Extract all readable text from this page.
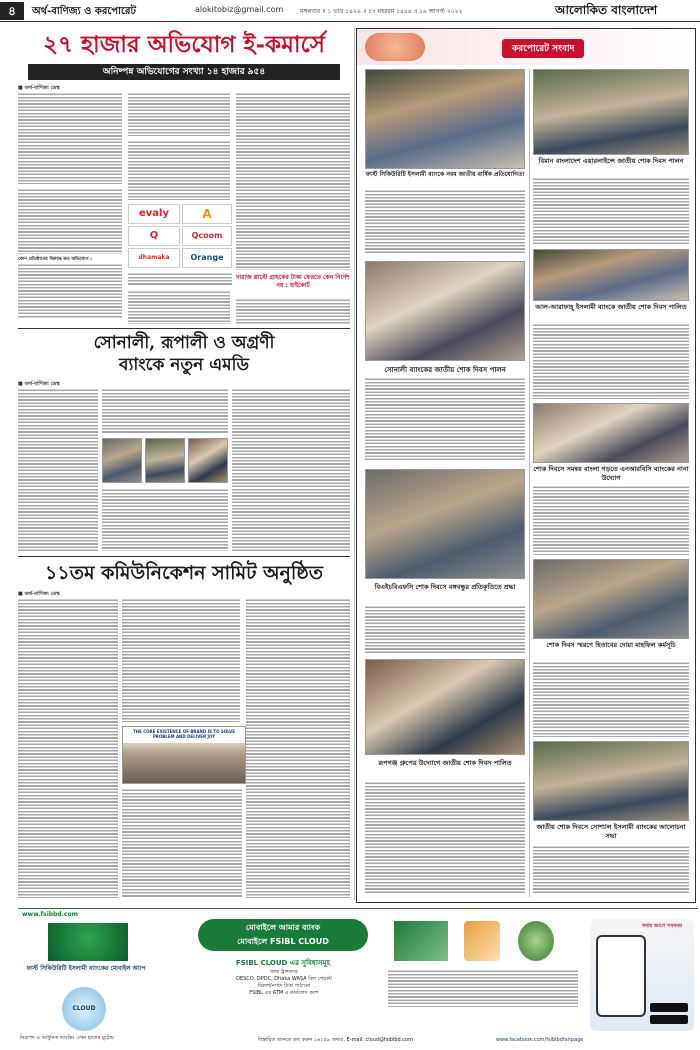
৪	অর্থ-বাণিজ্য ও করপোরেট	alokitobiz@gmail.com	মঙ্গলবার ॥ ১ ভাদ্র ১৪২৯ ॥ ১৭ মহররম ১৪৪৪ ॥ ১৬ আগস্ট ২০২২	আলোকিত বাংলাদেশ
২৭ হাজার অভিযোগ ই-কমার্সে
অনিষ্পন্ন অভিযোগের সংখ্যা ১৪ হাজার ৯৫৪
■ অর্থ-বাণিজ্য ডেস্ক
কোন প্রতিষ্ঠানের বিরুদ্ধে কত অভিযোগ :
evaly	A
Q	Qcoom
dhamaka	Orange
দারাজ প্লাস্টে গ্রাহকের টাকা ফেরতে কেন নির্দেশ নয় : হাইকোর্ট
সোনালী, রূপালী ও অগ্রণী
ব্যাংকে নতুন এমডি
■ অর্থ-বাণিজ্য ডেস্ক
১১তম কমিউনিকেশন সামিট অনুষ্ঠিত
■ অর্থ-বাণিজ্য ডেস্ক
THE CORE EXISTENCE OF BRAND IS TO SOLVE PROBLEM AND DELIVER JOY
করপোরেট সংবাদ
ফার্স্ট সিকিউরিটি ইসলামী ব্যাংকে নবম জাতীয় বার্ষিক প্রতিযোগিতা
সোনালী ব্যাংকের জাতীয় শোক দিবস পালন
বিএইচবিএফসি শোক দিবসে বঙ্গবন্ধুর প্রতিকৃতিতে শ্রদ্ধা
রূপগঞ্জ গ্রুপের উদ্যোগে জাতীয় শোক দিবস পালিত
বিমান বাংলাদেশ এয়ারলাইন্সে জাতীয় শোক দিবস পালন
আল-আরাফাহ্ ইসলামী ব্যাংকে জাতীয় শোক দিবস পালিত
শোক দিবসে সমন্বয় বাংলা গড়তে এনআরবিসি ব্যাংকের নানা উদ্যোগ
শোক দিবস স্মরণে হিতাবের দোয়া মাহফিল কর্মসূচি
জাতীয় শোক দিবসে সোশ্যাল ইসলামী ব্যাংকের আলোচনা সভা
www.fsibbd.com
ফার্স্ট সিকিউরিটি ইসলামী ব্যাংকের মোবাইল অ্যাপ
CLOUD
নিরাপদ ও আধুনিক ব্যাংকিং এখন হাতের মুঠোয়
মোবাইলে আমার ব্যাংক
মোবাইলে FSIBL CLOUD
FSIBL CLOUD এর সুবিধাসমূহ
ফান্ড ট্রান্সফার
DESCO, DPDC, Dhaka WASA বিল পেমেন্ট
বিকাশ/নগদে টাকা পাঠানো
FSIBL এর ATM এ কার্ডলেস ক্যাশ
সবার আগে সবসময়
বিস্তারিত জানতে কল করুন ১৬২৫৯ অথবা, E-mail: cloud@fsiblbd.com	www.facebook.com/fsiblbdfanpage
